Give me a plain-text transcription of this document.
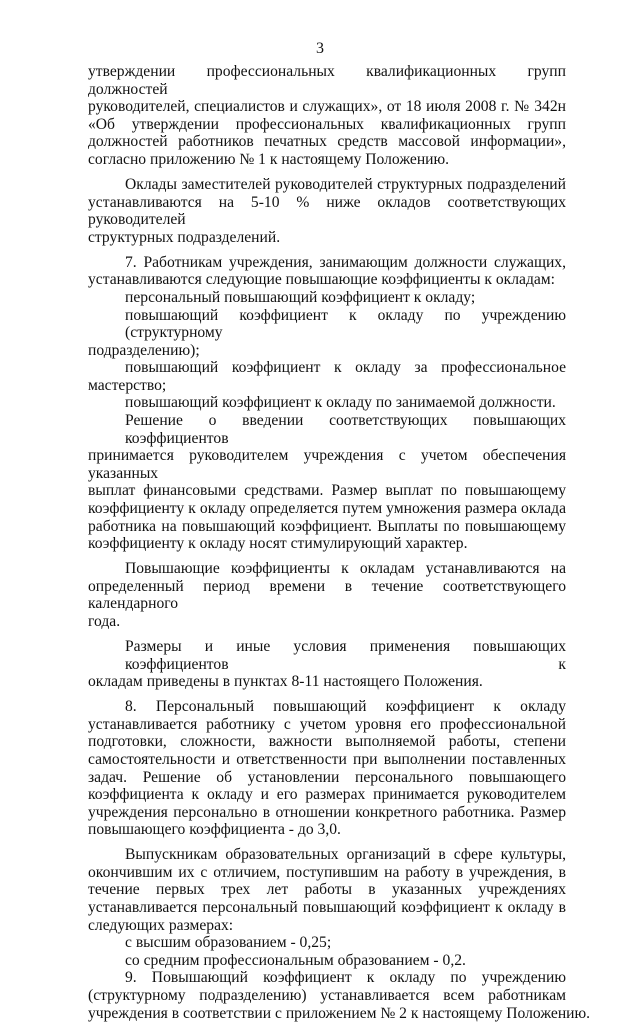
3
утверждении профессиональных квалификационных групп должностей
руководителей, специалистов и служащих», от 18 июля 2008 г. № 342н
«Об утверждении профессиональных квалификационных групп
должностей работников печатных средств массовой информации»,
согласно приложению № 1 к настоящему Положению.
Оклады заместителей руководителей структурных подразделений
устанавливаются на 5-10 % ниже окладов соответствующих руководителей
структурных подразделений.
7. Работникам учреждения, занимающим должности служащих,
устанавливаются следующие повышающие коэффициенты к окладам:
персональный повышающий коэффициент к окладу;
повышающий коэффициент к окладу по учреждению (структурному
подразделению);
повышающий коэффициент к окладу за профессиональное
мастерство;
повышающий коэффициент к окладу по занимаемой должности.
Решение о введении соответствующих повышающих коэффициентов
принимается руководителем учреждения с учетом обеспечения указанных
выплат финансовыми средствами. Размер выплат по повышающему
коэффициенту к окладу определяется путем умножения размера оклада
работника на повышающий коэффициент. Выплаты по повышающему
коэффициенту к окладу носят стимулирующий характер.
Повышающие коэффициенты к окладам устанавливаются на
определенный период времени в течение соответствующего календарного
года.
Размеры и иные условия применения повышающих коэффициентов к
окладам приведены в пунктах 8-11 настоящего Положения.
8. Персональный повышающий коэффициент к окладу
устанавливается работнику с учетом уровня его профессиональной
подготовки, сложности, важности выполняемой работы, степени
самостоятельности и ответственности при выполнении поставленных
задач. Решение об установлении персонального повышающего
коэффициента к окладу и его размерах принимается руководителем
учреждения персонально в отношении конкретного работника. Размер
повышающего коэффициента - до 3,0.
Выпускникам образовательных организаций в сфере культуры,
окончившим их с отличием, поступившим на работу в учреждения, в
течение первых трех лет работы в указанных учреждениях
устанавливается персональный повышающий коэффициент к окладу в
следующих размерах:
с высшим образованием - 0,25;
со средним профессиональным образованием - 0,2.
9. Повышающий коэффициент к окладу по учреждению
(структурному подразделению) устанавливается всем работникам
учреждения в соответствии с приложением № 2 к настоящему Положению.
